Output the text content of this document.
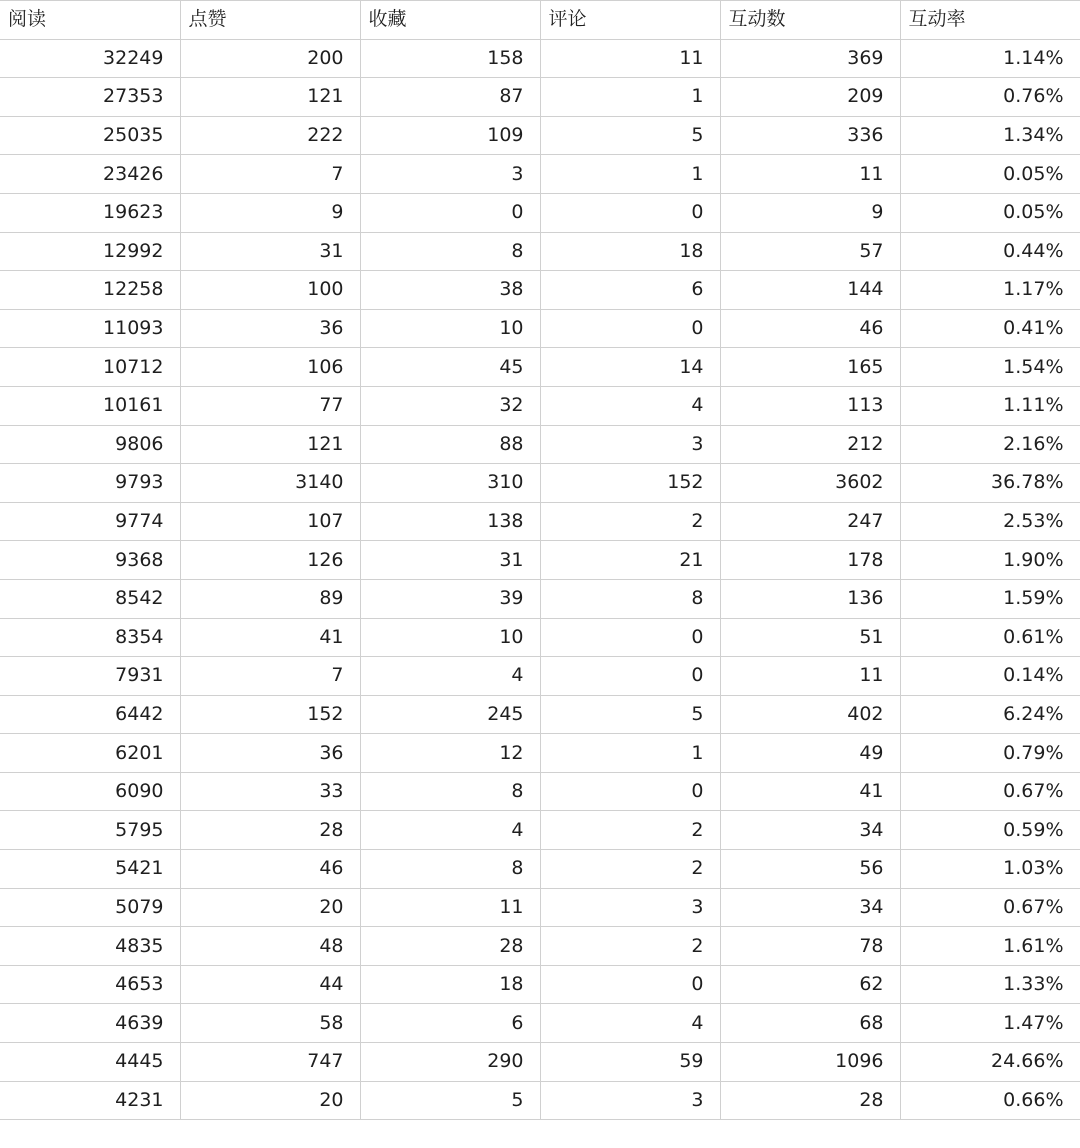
阅读	点赞	收藏	评论	互动数	互动率
32249	200	158	11	369	1.14%
27353	121	87	1	209	0.76%
25035	222	109	5	336	1.34%
23426	7	3	1	11	0.05%
19623	9	0	0	9	0.05%
12992	31	8	18	57	0.44%
12258	100	38	6	144	1.17%
11093	36	10	0	46	0.41%
10712	106	45	14	165	1.54%
10161	77	32	4	113	1.11%
9806	121	88	3	212	2.16%
9793	3140	310	152	3602	36.78%
9774	107	138	2	247	2.53%
9368	126	31	21	178	1.90%
8542	89	39	8	136	1.59%
8354	41	10	0	51	0.61%
7931	7	4	0	11	0.14%
6442	152	245	5	402	6.24%
6201	36	12	1	49	0.79%
6090	33	8	0	41	0.67%
5795	28	4	2	34	0.59%
5421	46	8	2	56	1.03%
5079	20	11	3	34	0.67%
4835	48	28	2	78	1.61%
4653	44	18	0	62	1.33%
4639	58	6	4	68	1.47%
4445	747	290	59	1096	24.66%
4231	20	5	3	28	0.66%
